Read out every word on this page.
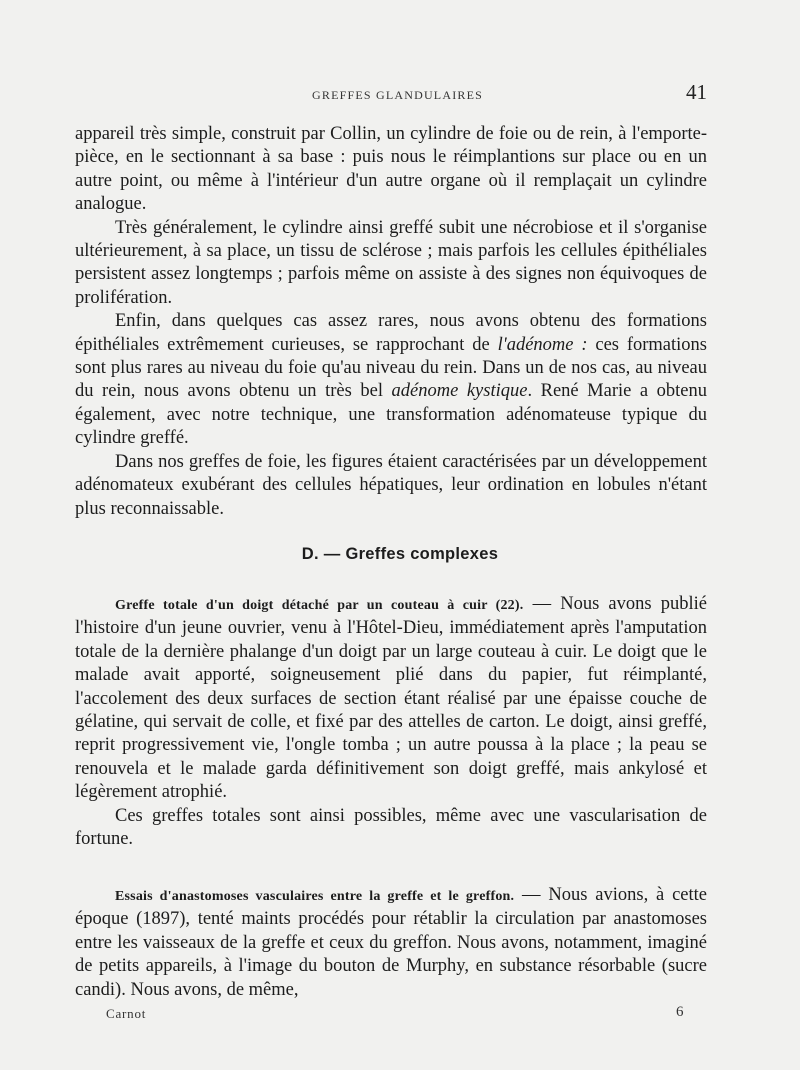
GREFFES GLANDULAIRES	41

appareil très simple, construit par Collin, un cylindre de foie ou de rein, à l'emporte-pièce, en le sectionnant à sa base : puis nous le réimplantions sur place ou en un autre point, ou même à l'intérieur d'un autre organe où il remplaçait un cylindre analogue.

Très généralement, le cylindre ainsi greffé subit une nécrobiose et il s'organise ultérieurement, à sa place, un tissu de sclérose ; mais parfois les cellules épithéliales persistent assez longtemps ; parfois même on assiste à des signes non équivoques de prolifération.

Enfin, dans quelques cas assez rares, nous avons obtenu des formations épithéliales extrêmement curieuses, se rapprochant de l'adénome : ces formations sont plus rares au niveau du foie qu'au niveau du rein. Dans un de nos cas, au niveau du rein, nous avons obtenu un très bel adénome kystique. René Marie a obtenu également, avec notre technique, une transformation adénomateuse typique du cylindre greffé.

Dans nos greffes de foie, les figures étaient caractérisées par un développement adénomateux exubérant des cellules hépatiques, leur ordination en lobules n'étant plus reconnaissable.

D. — Greffes complexes

Greffe totale d'un doigt détaché par un couteau à cuir (22). — Nous avons publié l'histoire d'un jeune ouvrier, venu à l'Hôtel-Dieu, immédiatement après l'amputation totale de la dernière phalange d'un doigt par un large couteau à cuir. Le doigt que le malade avait apporté, soigneusement plié dans du papier, fut réimplanté, l'accolement des deux surfaces de section étant réalisé par une épaisse couche de gélatine, qui servait de colle, et fixé par des attelles de carton. Le doigt, ainsi greffé, reprit progressivement vie, l'ongle tomba ; un autre poussa à la place ; la peau se renouvela et le malade garda définitivement son doigt greffé, mais ankylosé et légèrement atrophié.

Ces greffes totales sont ainsi possibles, même avec une vascularisation de fortune.

Essais d'anastomoses vasculaires entre la greffe et le greffon. — Nous avions, à cette époque (1897), tenté maints procédés pour rétablir la circulation par anastomoses entre les vaisseaux de la greffe et ceux du greffon. Nous avons, notamment, imaginé de petits appareils, à l'image du bouton de Murphy, en substance résorbable (sucre candi). Nous avons, de même,

Carnot	6
